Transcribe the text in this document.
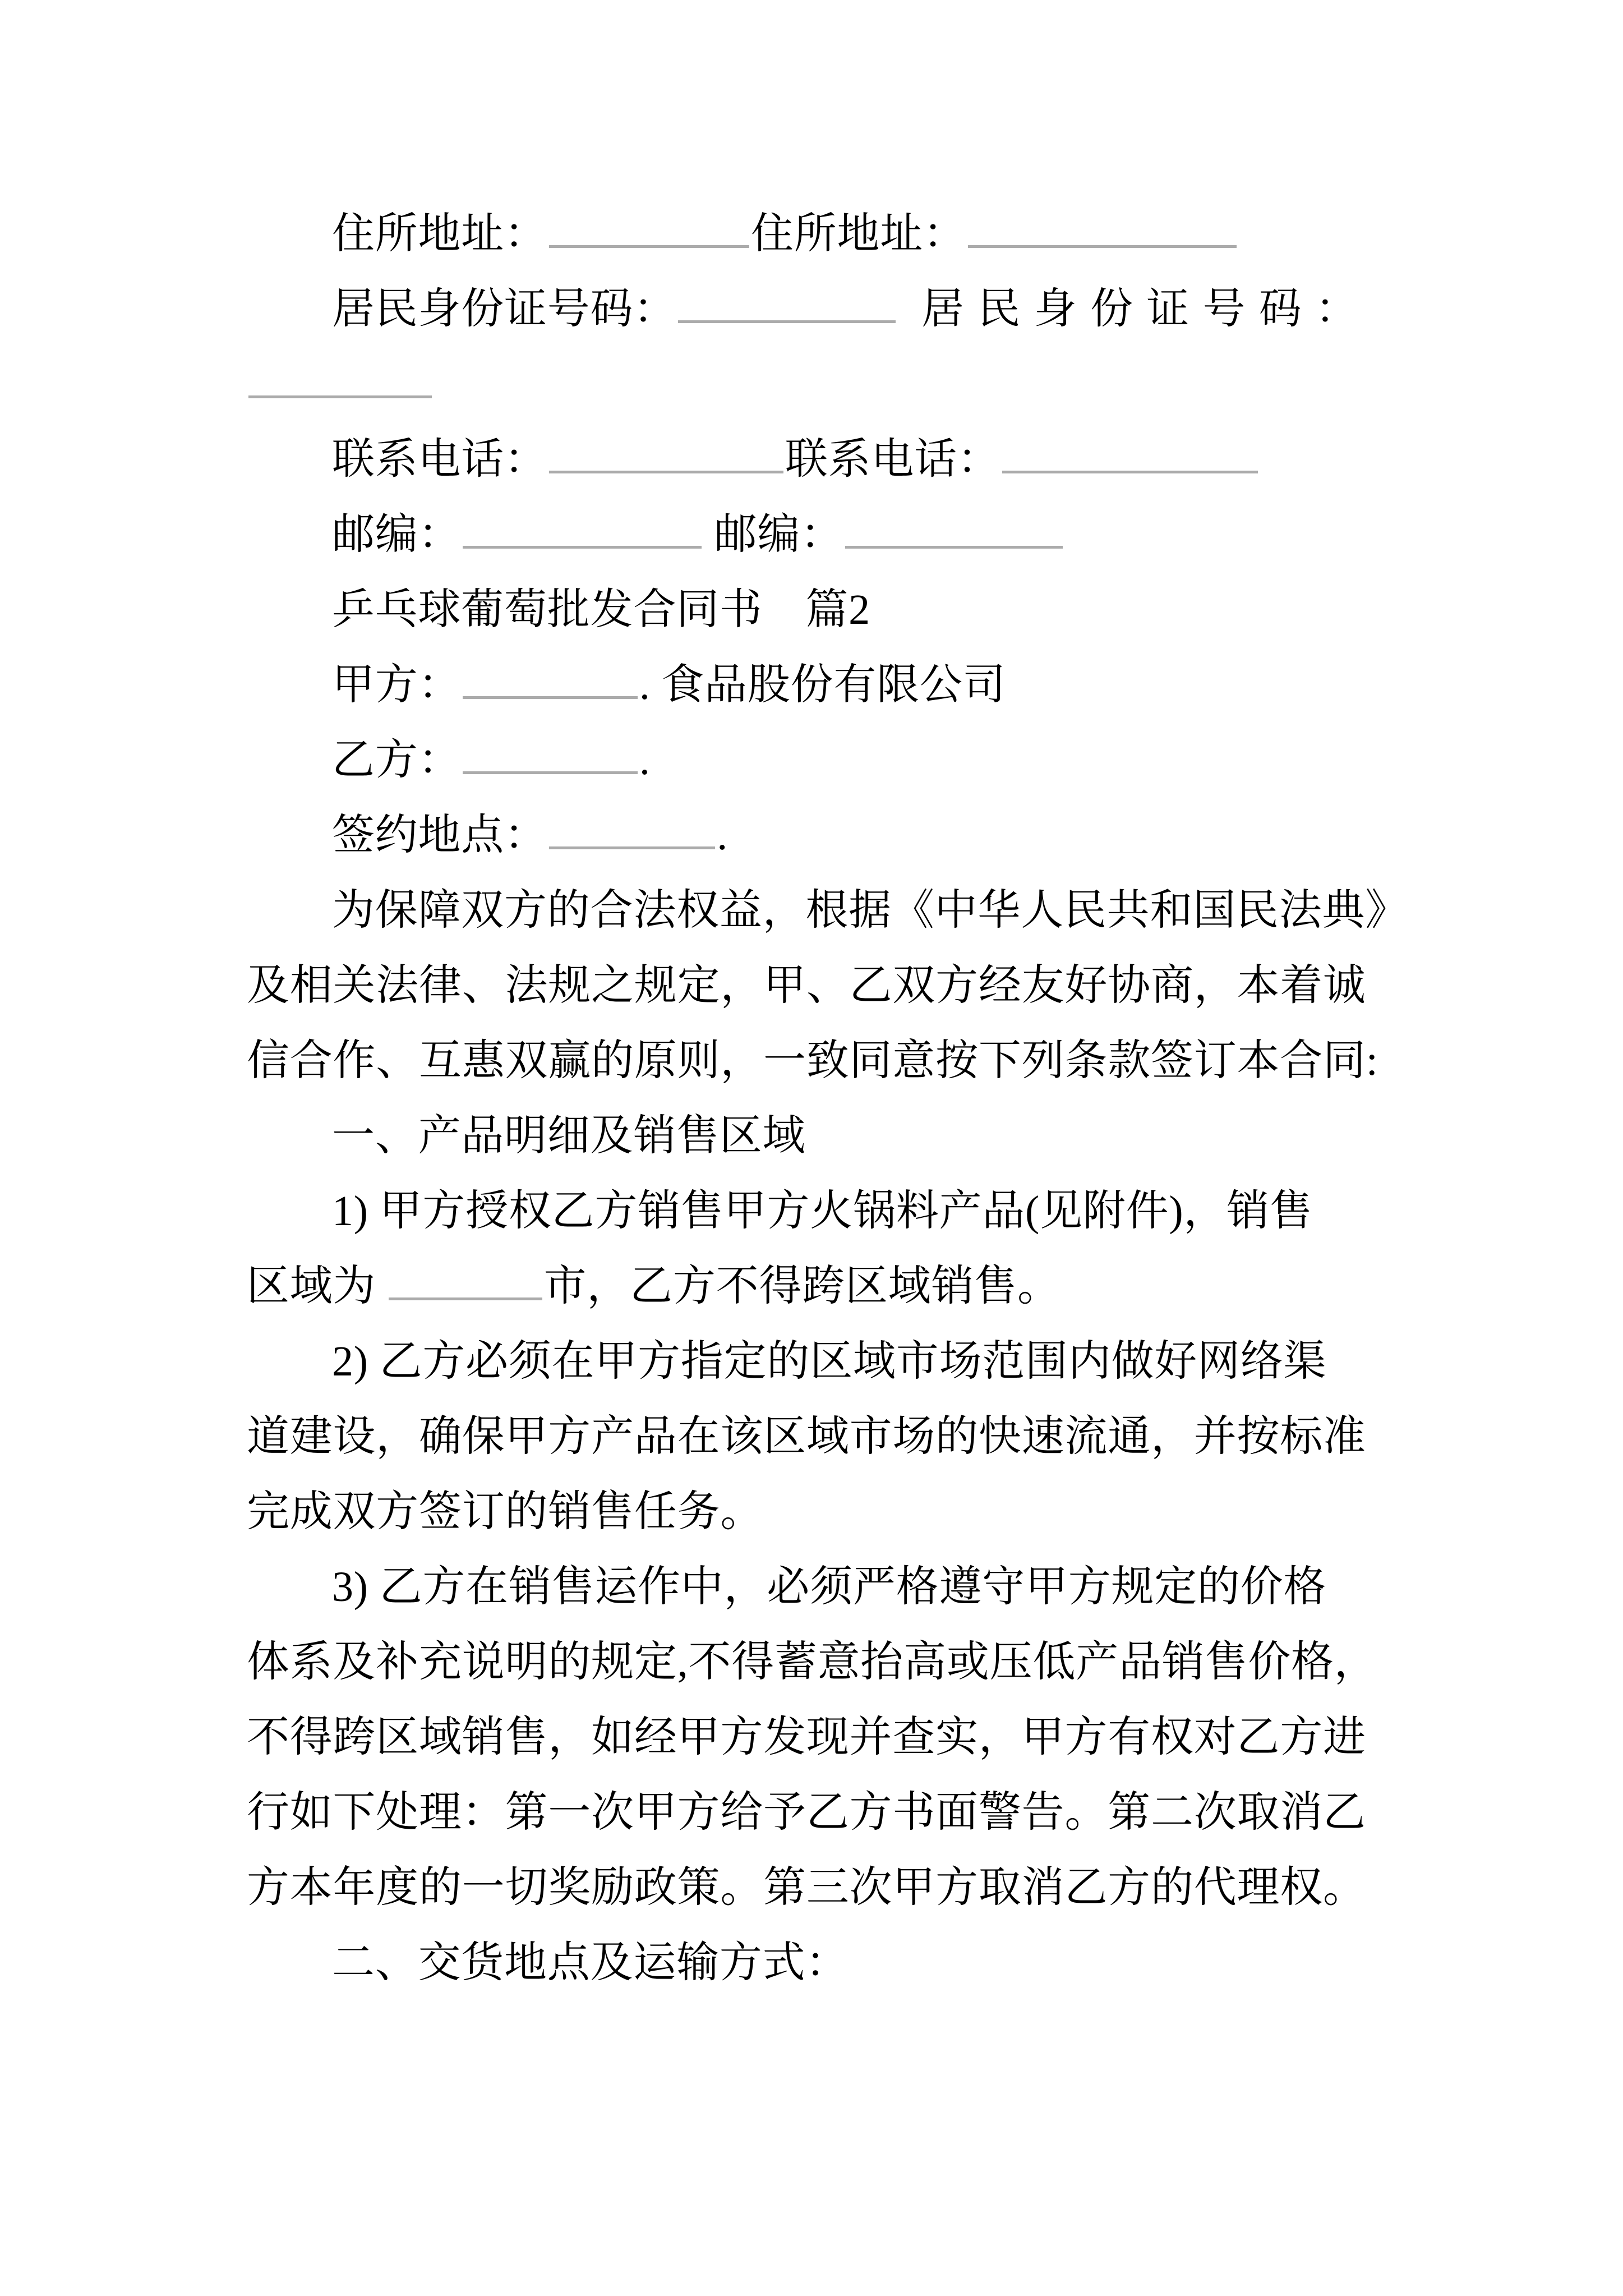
住所地址：	住所地址：

居民身份证号码：	居民身份证号码：

联系电话：	联系电话：

邮编：	邮编：

乒乓球葡萄批发合同书　篇2

甲方：	. 食品股份有限公司

乙方：	.

签约地点：	.

为保障双方的合法权益，根据《中华人民共和国民法典》

及相关法律、法规之规定，甲、乙双方经友好协商，本着诚

信合作、互惠双赢的原则，一致同意按下列条款签订本合同:

一、产品明细及销售区域

1) 甲方授权乙方销售甲方火锅料产品(见附件)，销售

区域为	市，乙方不得跨区域销售。

2) 乙方必须在甲方指定的区域市场范围内做好网络渠

道建设，确保甲方产品在该区域市场的快速流通，并按标准

完成双方签订的销售任务。

3) 乙方在销售运作中，必须严格遵守甲方规定的价格

体系及补充说明的规定,不得蓄意抬高或压低产品销售价格，

不得跨区域销售，如经甲方发现并查实，甲方有权对乙方进

行如下处理：第一次甲方给予乙方书面警告。第二次取消乙

方本年度的一切奖励政策。第三次甲方取消乙方的代理权。

二、交货地点及运输方式：
